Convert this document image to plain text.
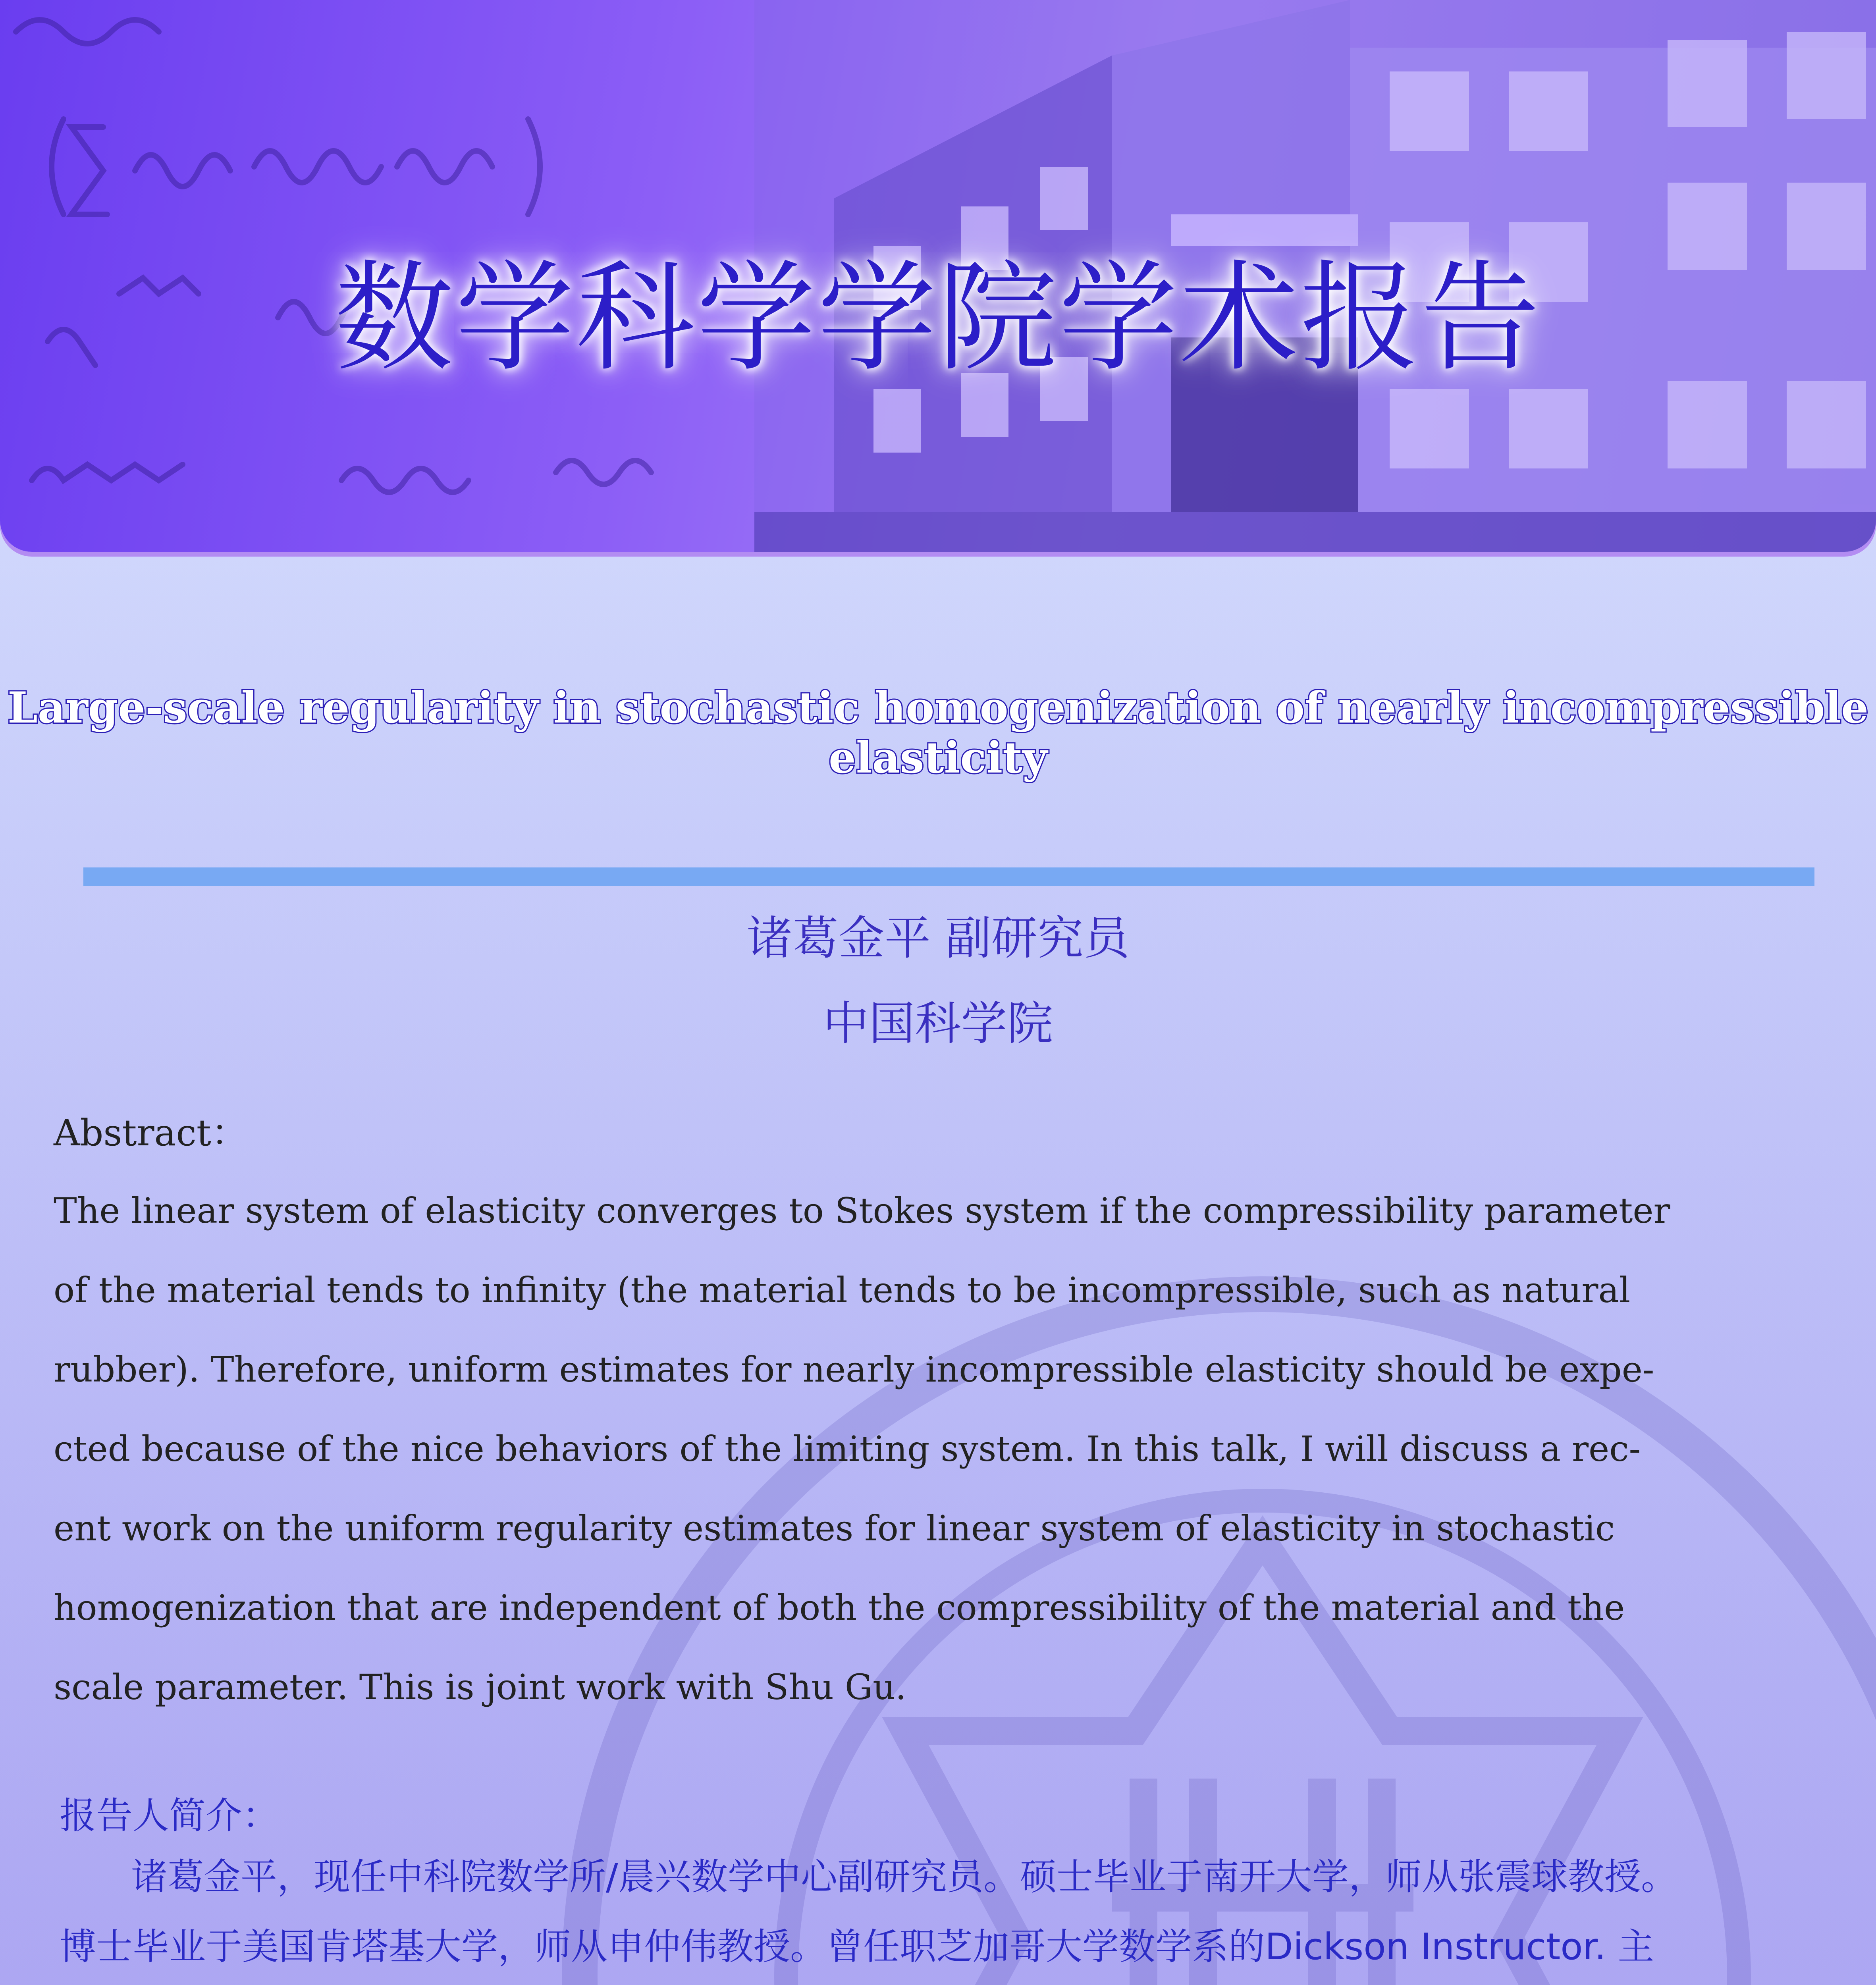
数学科学学院学术报告
Large-scale regularity in stochastic homogenization of nearly incompressible elasticity
诸葛金平 副研究员
中国科学院
Abstract：
The linear system of elasticity converges to Stokes system if the compressibility parameter
of the material tends to infinity (the material tends to be incompressible, such as natural
rubber). Therefore, uniform estimates for nearly incompressible elasticity should be expe-
cted because of the nice behaviors of the limiting system. In this talk, I will discuss a rec-
ent work on the uniform regularity estimates for linear system of elasticity in stochastic
homogenization that are independent of both the compressibility of the material and the
scale parameter. This is joint work with Shu Gu.
报告人简介：
诸葛金平，现任中科院数学所/晨兴数学中心副研究员。硕士毕业于南开大学，师从张震球教授。
博士毕业于美国肯塔基大学，师从申仲伟教授。曾任职芝加哥大学数学系的Dickson Instructor. 主
